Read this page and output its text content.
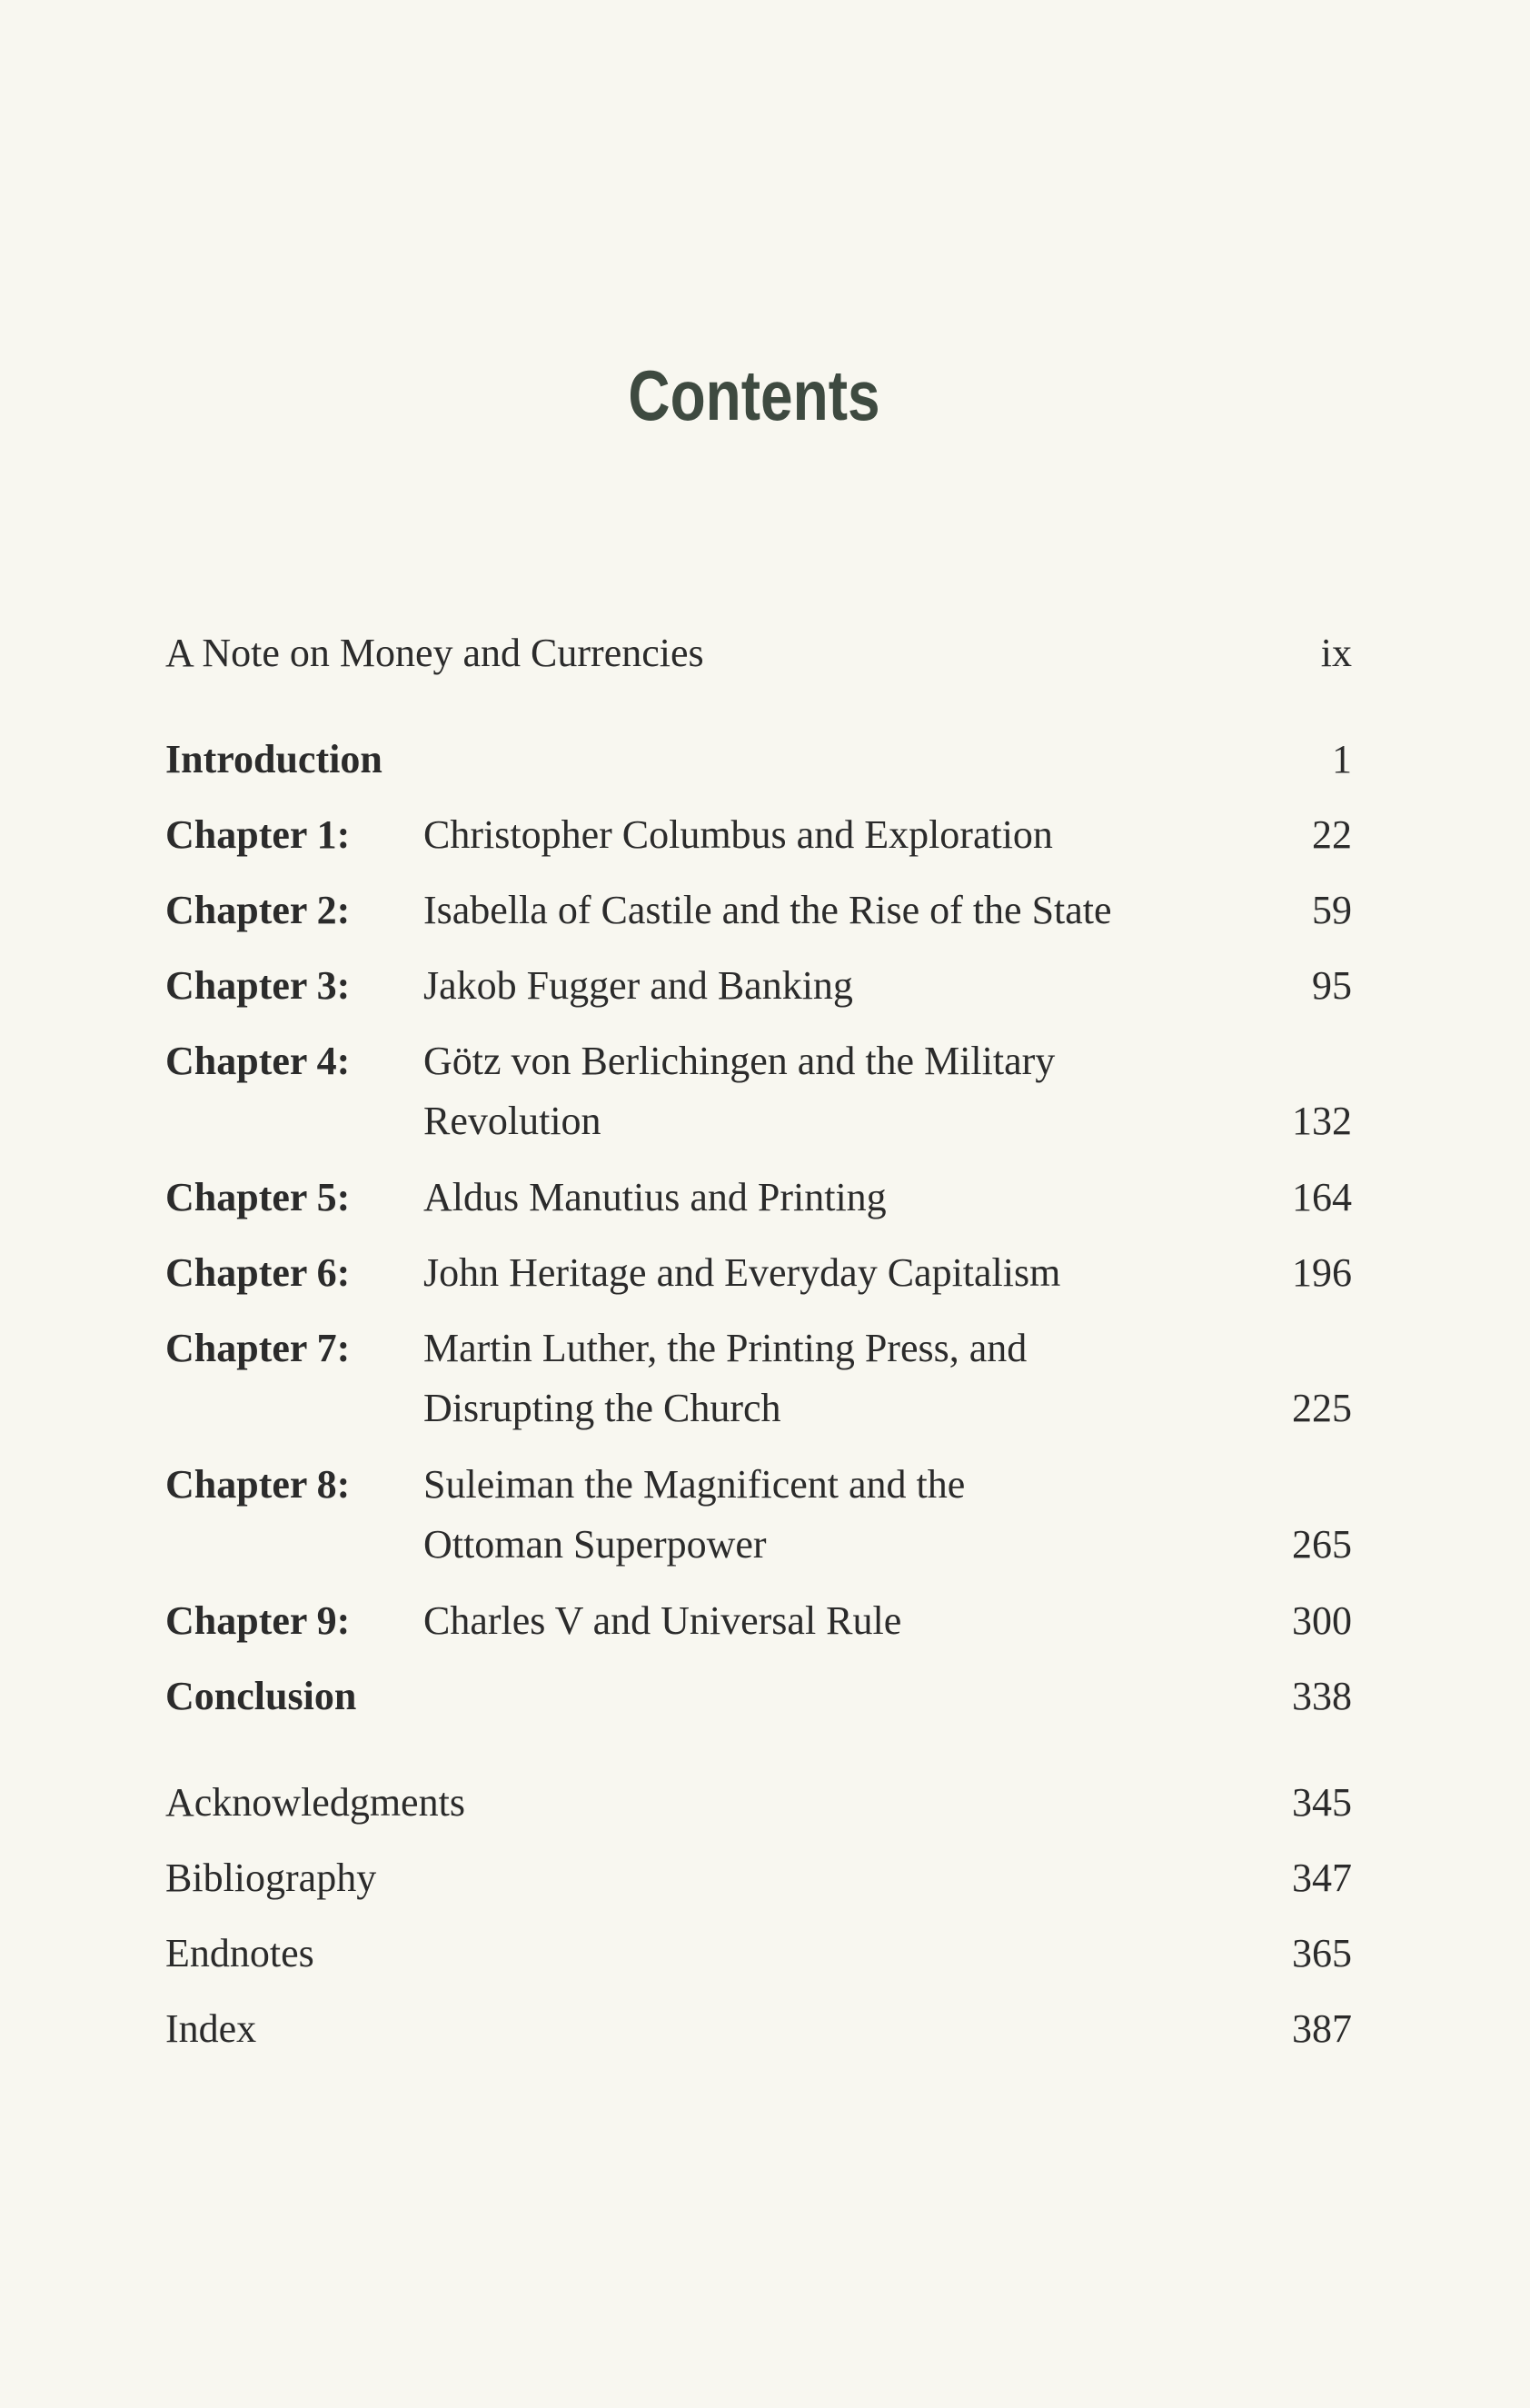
Contents
A Note on Money and Currencies	ix
Introduction	1
Chapter 1: Christopher Columbus and Exploration	22
Chapter 2: Isabella of Castile and the Rise of the State	59
Chapter 3: Jakob Fugger and Banking	95
Chapter 4: Götz von Berlichingen and the Military
Revolution	132
Chapter 5: Aldus Manutius and Printing	164
Chapter 6: John Heritage and Everyday Capitalism	196
Chapter 7: Martin Luther, the Printing Press, and
Disrupting the Church	225
Chapter 8: Suleiman the Magnificent and the
Ottoman Superpower	265
Chapter 9: Charles V and Universal Rule	300
Conclusion	338
Acknowledgments	345
Bibliography	347
Endnotes	365
Index	387
